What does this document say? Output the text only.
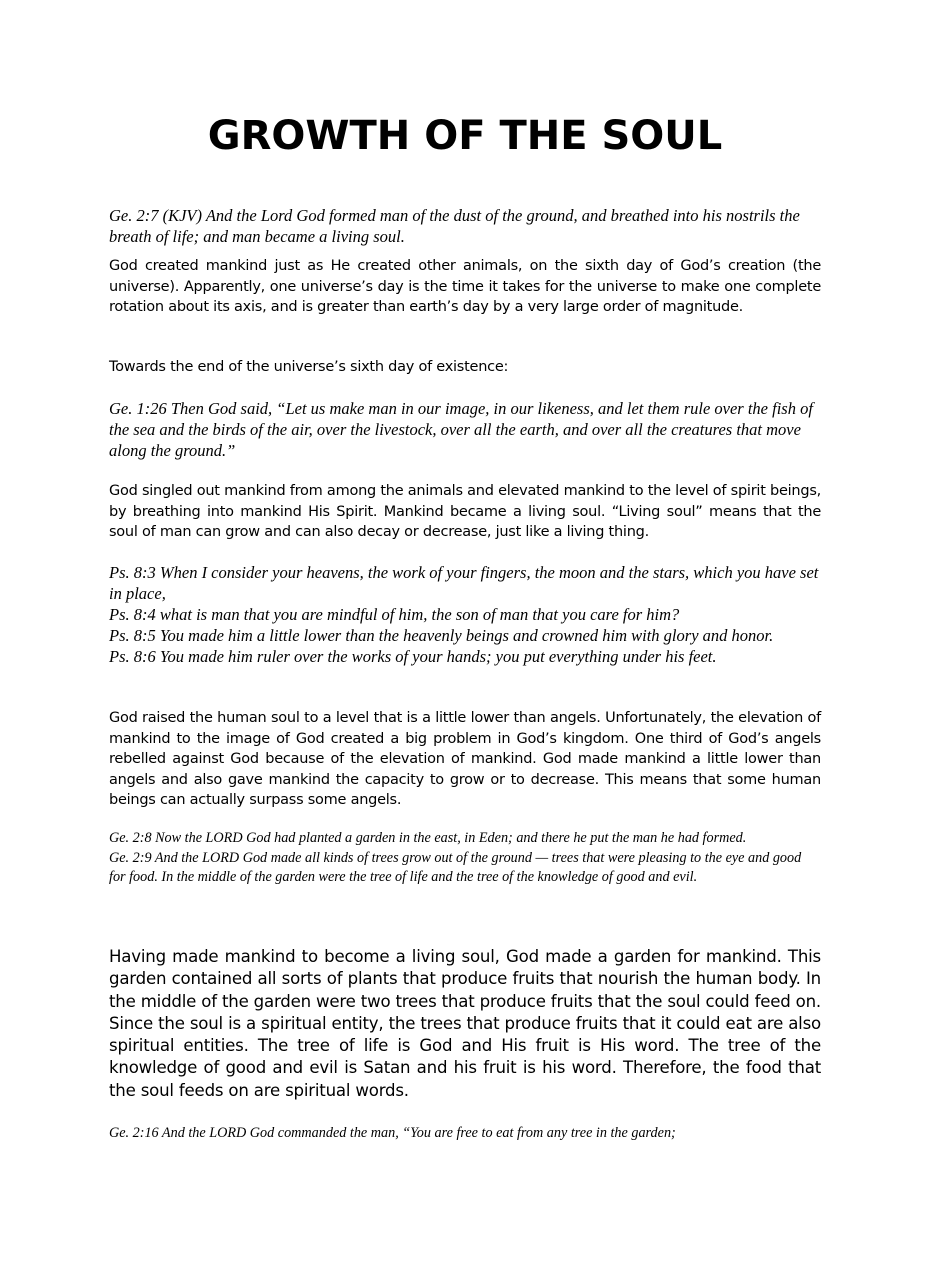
GROWTH OF THE SOUL

Ge. 2:7 (KJV) And the Lord God formed man of the dust of the ground, and breathed into his nostrils the breath of life; and man became a living soul.

God created mankind just as He created other animals, on the sixth day of God’s creation (the universe). Apparently, one universe’s day is the time it takes for the universe to make one complete rotation about its axis, and is greater than earth’s day by a very large order of magnitude.

Towards the end of the universe’s sixth day of existence:

Ge. 1:26 Then God said, “Let us make man in our image, in our likeness, and let them rule over the fish of the sea and the birds of the air, over the livestock, over all the earth, and over all the creatures that move along the ground.”

God singled out mankind from among the animals and elevated mankind to the level of spirit beings, by breathing into mankind His Spirit. Mankind became a living soul. “Living soul” means that the soul of man can grow and can also decay or decrease, just like a living thing.

Ps. 8:3 When I consider your heavens, the work of your fingers, the moon and the stars, which you have set in place,

Ps. 8:4 what is man that you are mindful of him, the son of man that you care for him?

Ps. 8:5 You made him a little lower than the heavenly beings and crowned him with glory and honor.

Ps. 8:6 You made him ruler over the works of your hands; you put everything under his feet.

God raised the human soul to a level that is a little lower than angels. Unfortunately, the elevation of mankind to the image of God created a big problem in God’s kingdom. One third of God’s angels rebelled against God because of the elevation of mankind. God made mankind a little lower than angels and also gave mankind the capacity to grow or to decrease. This means that some human beings can actually surpass some angels.

Ge. 2:8 Now the LORD God had planted a garden in the east, in Eden; and there he put the man he had formed.

Ge. 2:9 And the LORD God made all kinds of trees grow out of the ground — trees that were pleasing to the eye and good for food. In the middle of the garden were the tree of life and the tree of the knowledge of good and evil.

Having made mankind to become a living soul, God made a garden for mankind. This garden contained all sorts of plants that produce fruits that nourish the human body. In the middle of the garden were two trees that produce fruits that the soul could feed on. Since the soul is a spiritual entity, the trees that produce fruits that it could eat are also spiritual entities. The tree of life is God and His fruit is His word. The tree of the knowledge of good and evil is Satan and his fruit is his word. Therefore, the food that the soul feeds on are spiritual words.

Ge. 2:16 And the LORD God commanded the man, “You are free to eat from any tree in the garden;
